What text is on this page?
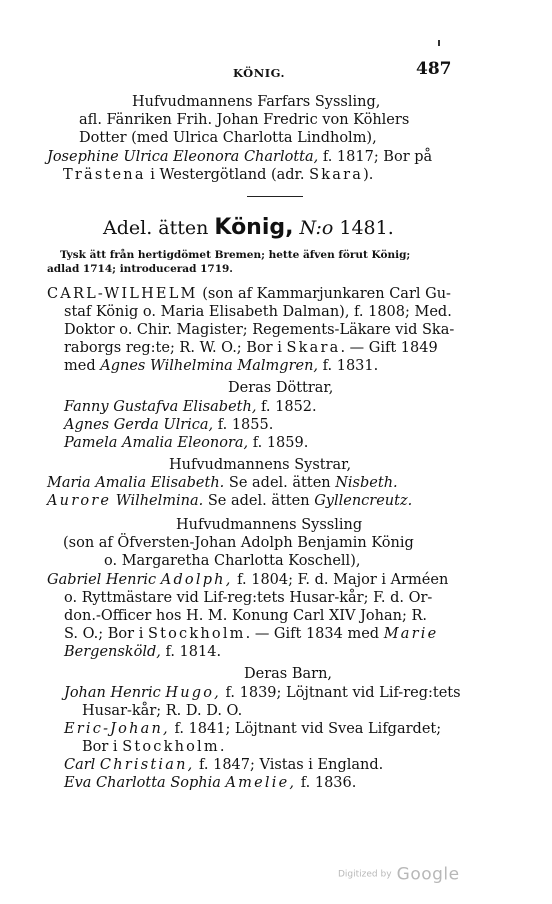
KÖNIG.	487
Hufvudmannens Farfars Syssling,
afl. Fänriken Frih. Johan Fredric von Köhlers
Dotter (med Ulrica Charlotta Lindholm),
Josephine Ulrica Eleonora Charlotta, f. 1817; Bor på
Trästena i Westergötland (adr. Skara).
Adel. ätten König, N:o 1481.
Tysk ätt från hertigdömet Bremen; hette äfven förut König;
adlad 1714; introducerad 1719.
CARL-WILHELM (son af Kammarjunkaren Carl Gu-
staf König o. Maria Elisabeth Dalman), f. 1808; Med.
Doktor o. Chir. Magister; Regements-Läkare vid Ska-
raborgs reg:te; R. W. O.; Bor i Skara. — Gift 1849
med Agnes Wilhelmina Malmgren, f. 1831.
Deras Döttrar,
Fanny Gustafva Elisabeth, f. 1852.
Agnes Gerda Ulrica, f. 1855.
Pamela Amalia Eleonora, f. 1859.
Hufvudmannens Systrar,
Maria Amalia Elisabeth. Se adel. ätten Nisbeth.
Aurore Wilhelmina. Se adel. ätten Gyllencreutz.
Hufvudmannens Syssling
(son af Öfversten-Johan Adolph Benjamin König
o. Margaretha Charlotta Koschell),
Gabriel Henric Adolph, f. 1804; F. d. Major i Arméen
o. Ryttmästare vid Lif-reg:tets Husar-kår; F. d. Or-
don.-Officer hos H. M. Konung Carl XIV Johan; R.
S. O.; Bor i Stockholm. — Gift 1834 med Marie
Bergensköld, f. 1814.
Deras Barn,
Johan Henric Hugo, f. 1839; Löjtnant vid Lif-reg:tets
Husar-kår; R. D. D. O.
Eric-Johan, f. 1841; Löjtnant vid Svea Lifgardet;
Bor i Stockholm.
Carl Christian, f. 1847; Vistas i England.
Eva Charlotta Sophia Amelie, f. 1836.
Digitized by Google
